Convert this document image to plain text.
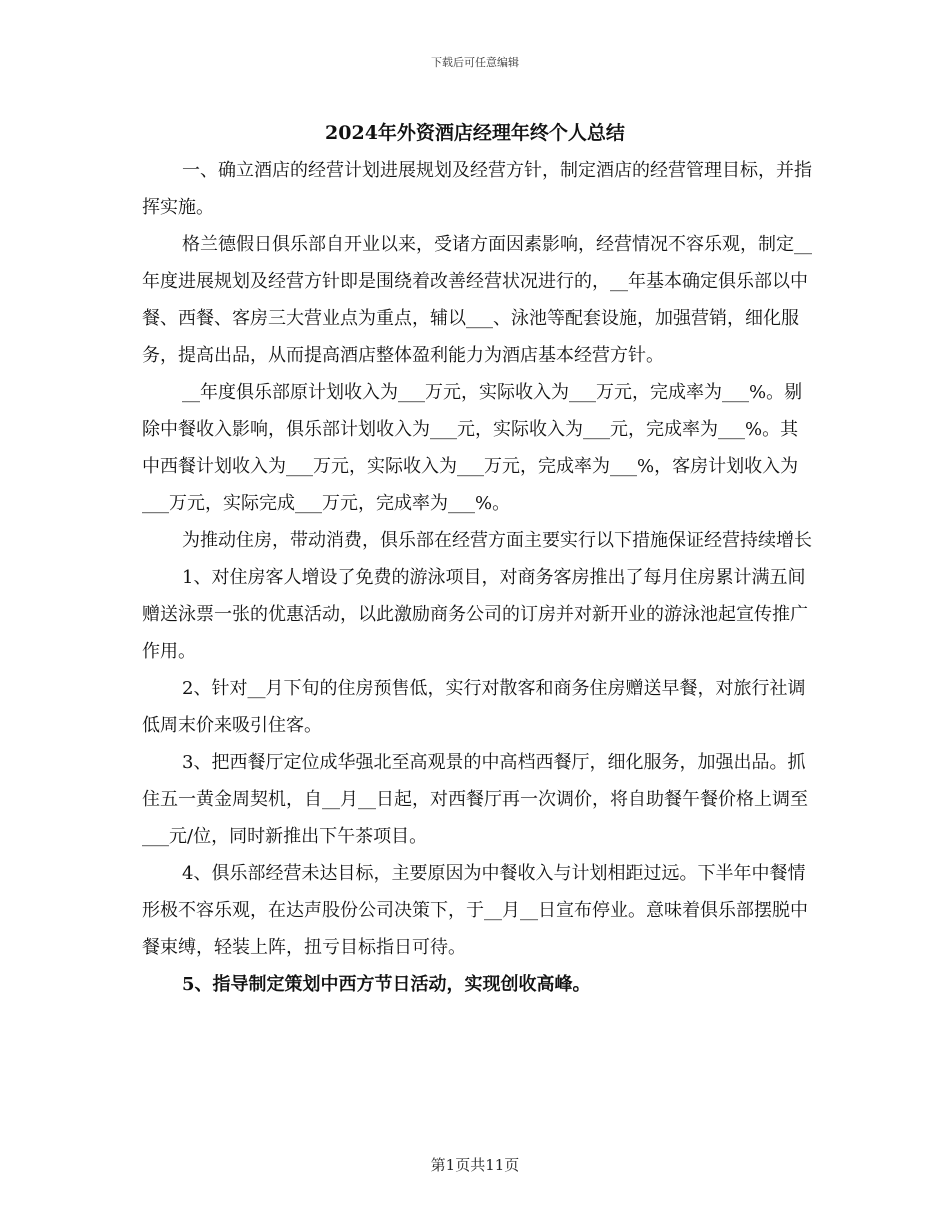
下载后可任意编辑
2024年外资酒店经理年终个人总结

一、确立酒店的经营计划进展规划及经营方针，制定酒店的经营管理目标，并指挥实施。

格兰德假日俱乐部自开业以来，受诸方面因素影响，经营情况不容乐观，制定__年度进展规划及经营方针即是围绕着改善经营状况进行的，__年基本确定俱乐部以中餐、西餐、客房三大营业点为重点，辅以___、泳池等配套设施，加强营销，细化服务，提高出品，从而提高酒店整体盈利能力为酒店基本经营方针。

__年度俱乐部原计划收入为___万元，实际收入为___万元，完成率为___%。剔除中餐收入影响，俱乐部计划收入为___元，实际收入为___元，完成率为___%。其中西餐计划收入为___万元，实际收入为___万元，完成率为___%，客房计划收入为___万元，实际完成___万元，完成率为___%。

为推动住房，带动消费，俱乐部在经营方面主要实行以下措施保证经营持续增长

1、对住房客人增设了免费的游泳项目，对商务客房推出了每月住房累计满五间赠送泳票一张的优惠活动，以此激励商务公司的订房并对新开业的游泳池起宣传推广作用。

2、针对__月下旬的住房预售低，实行对散客和商务住房赠送早餐，对旅行社调低周末价来吸引住客。

3、把西餐厅定位成华强北至高观景的中高档西餐厅，细化服务，加强出品。抓住五一黄金周契机，自__月__日起，对西餐厅再一次调价，将自助餐午餐价格上调至___元/位，同时新推出下午茶项目。

4、俱乐部经营未达目标，主要原因为中餐收入与计划相距过远。下半年中餐情形极不容乐观，在达声股份公司决策下，于__月__日宣布停业。意味着俱乐部摆脱中餐束缚，轻装上阵，扭亏目标指日可待。

5、指导制定策划中西方节日活动，实现创收高峰。

第1页共11页
